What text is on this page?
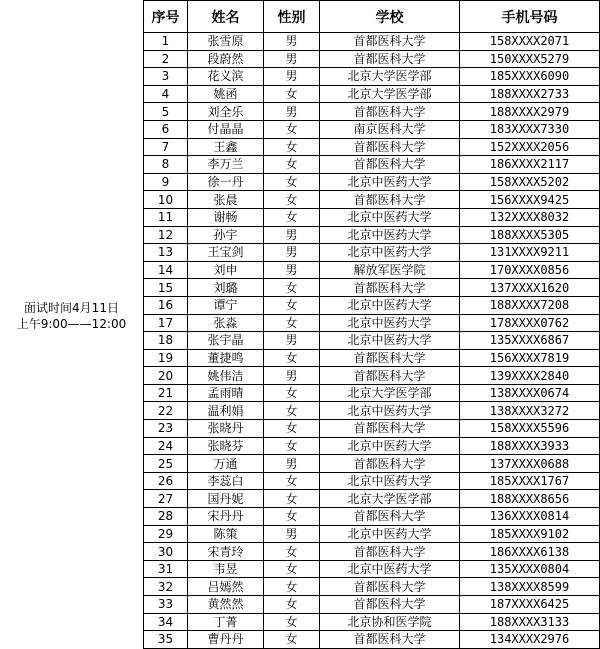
面试时间4月11日
上午9:00——12:00
序号	姓名	性别	学校	手机号码
1	张雪原	男	首都医科大学	158XXXX2071
2	段蔚然	男	首都医科大学	150XXXX5279
3	花义滨	男	北京大学医学部	185XXXX6090
4	姚函	女	北京大学医学部	188XXXX2733
5	刘全乐	男	首都医科大学	188XXXX2979
6	付晶晶	女	南京医科大学	183XXXX7330
7	王鑫	女	首都医科大学	152XXXX2056
8	李万兰	女	首都医科大学	186XXXX2117
9	徐一丹	女	北京中医药大学	158XXXX5202
10	张晨	女	首都医科大学	156XXXX9425
11	谢畅	女	北京中医药大学	132XXXX8032
12	孙宇	男	北京中医药大学	188XXXX5305
13	王宝剑	男	北京中医药大学	131XXXX9211
14	刘申	男	解放军医学院	170XXXX0856
15	刘璐	女	首都医科大学	137XXXX1620
16	谭宁	女	北京中医药大学	188XXXX7208
17	张淼	女	北京中医药大学	178XXXX0762
18	张宇晶	男	北京中医药大学	135XXXX6867
19	董捷鸣	女	首都医科大学	156XXXX7819
20	姚伟洁	男	首都医科大学	139XXXX2840
21	孟雨晴	女	北京大学医学部	138XXXX0674
22	温利娟	女	北京中医药大学	138XXXX3272
23	张晓丹	女	首都医科大学	158XXXX5596
24	张晓芬	女	北京中医药大学	188XXXX3933
25	万通	男	首都医科大学	137XXXX0688
26	李蕊白	女	北京中医药大学	185XXXX1767
27	国丹妮	女	北京大学医学部	188XXXX8656
28	宋丹丹	女	首都医科大学	136XXXX0814
29	陈策	男	北京中医药大学	185XXXX9102
30	宋青玲	女	首都医科大学	186XXXX6138
31	韦昱	女	北京中医药大学	135XXXX0804
32	吕嫣然	女	首都医科大学	138XXXX8599
33	黄然然	女	首都医科大学	187XXXX6425
34	丁菁	女	北京协和医学院	188XXXX3133
35	曹丹丹	女	首都医科大学	134XXXX2976
